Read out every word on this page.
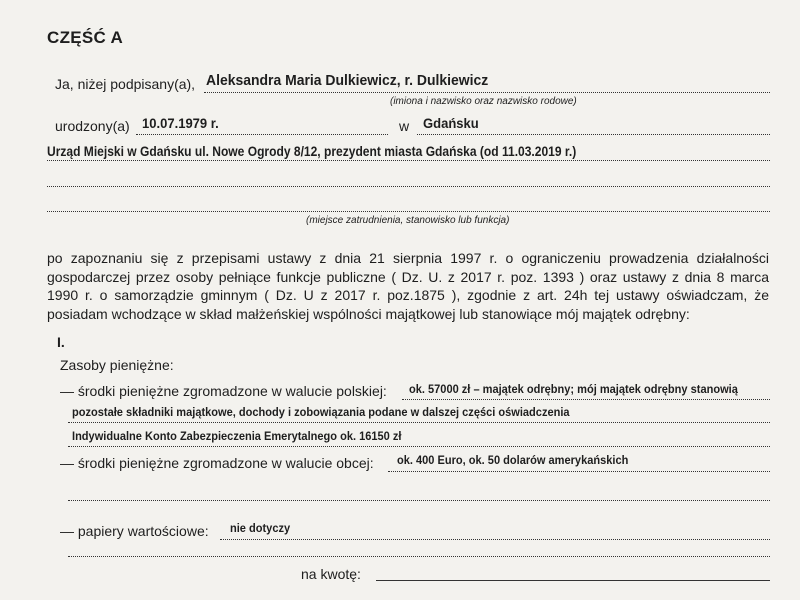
CZĘŚĆ A
Ja, niżej podpisany(a), Aleksandra Maria Dulkiewicz, r. Dulkiewicz
(imiona i nazwisko oraz nazwisko rodowe)
urodzony(a) 10.07.1979 r.	w Gdańsku
Urząd Miejski w Gdańsku ul. Nowe Ogrody 8/12, prezydent miasta Gdańska (od 11.03.2019 r.)
(miejsce zatrudnienia, stanowisko lub funkcja)
po zapoznaniu się z przepisami ustawy z dnia 21 sierpnia 1997 r. o ograniczeniu prowadzenia działalności gospodarczej przez osoby pełniące funkcje publiczne ( Dz. U. z 2017 r. poz. 1393 ) oraz ustawy z dnia 8 marca 1990 r. o samorządzie gminnym ( Dz. U z 2017 r. poz.1875 ), zgodnie z art. 24h tej ustawy oświadczam, że posiadam wchodzące w skład małżeńskiej wspólności majątkowej lub stanowiące mój majątek odrębny:
I.
Zasoby pieniężne:
— środki pieniężne zgromadzone w walucie polskiej: ok. 57000 zł – majątek odrębny; mój majątek odrębny stanowią
pozostałe składniki majątkowe, dochody i zobowiązania podane w dalszej części oświadczenia
Indywidualne Konto Zabezpieczenia Emerytalnego ok. 16150 zł
— środki pieniężne zgromadzone w walucie obcej: ok. 400 Euro, ok. 50 dolarów amerykańskich
— papiery wartościowe: nie dotyczy
na kwotę:
